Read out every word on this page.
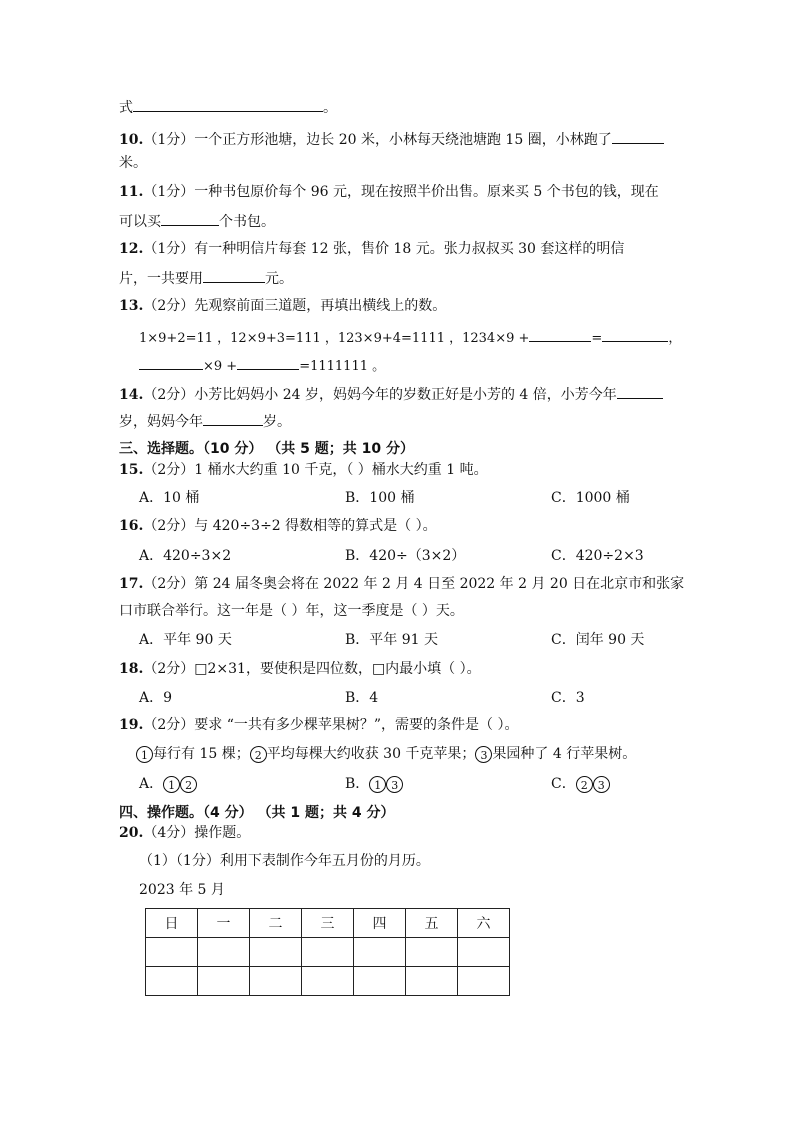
式	。
10.（1分）一个正方形池塘，边长 20 米，小林每天绕池塘跑 15 圈，小林跑了
米。
11.（1分）一种书包原价每个 96 元，现在按照半价出售。原来买 5 个书包的钱，现在
可以买	个书包。
12.（1分）有一种明信片每套 12 张，售价 18 元。张力叔叔买 30 套这样的明信
片，一共要用	元。
13.（2分）先观察前面三道题，再填出横线上的数。
1×9+2=11 ，12×9+3=111 ，123×9+4=1111 ，1234×9 +	=	，
×9 +	=1111111 。
14.（2分）小芳比妈妈小 24 岁，妈妈今年的岁数正好是小芳的 4 倍，小芳今年
岁，妈妈今年	岁。
三、选择题。（10 分） （共 5 题；共 10 分）
15.（2分）1 桶水大约重 10 千克，（ ）桶水大约重 1 吨。
A．10 桶	B．100 桶	C．1000 桶
16.（2分）与 420÷3÷2 得数相等的算式是（ ）。
A．420÷3×2	B．420÷（3×2）	C．420÷2×3
17.（2分）第 24 届冬奥会将在 2022 年 2 月 4 日至 2022 年 2 月 20 日在北京市和张家
口市联合举行。这一年是（ ）年，这一季度是（ ）天。
A．平年 90 天	B．平年 91 天	C．闰年 90 天
18.（2分）□2×31，要使积是四位数，□内最小填（ ）。
A．9	B．4	C．3
19.（2分）要求 “一共有多少棵苹果树？”，需要的条件是（ ）。
1 每行有 15 棵； 2 平均每棵大约收获 30 千克苹果； 3 果园种了 4 行苹果树。
A． 1 2	B． 1 3	C． 2 3
四、操作题。（4 分） （共 1 题；共 4 分）
20.（4分）操作题。
（1）（1分）利用下表制作今年五月份的月历。
2023 年 5 月
日	一	二	三	四	五	六
